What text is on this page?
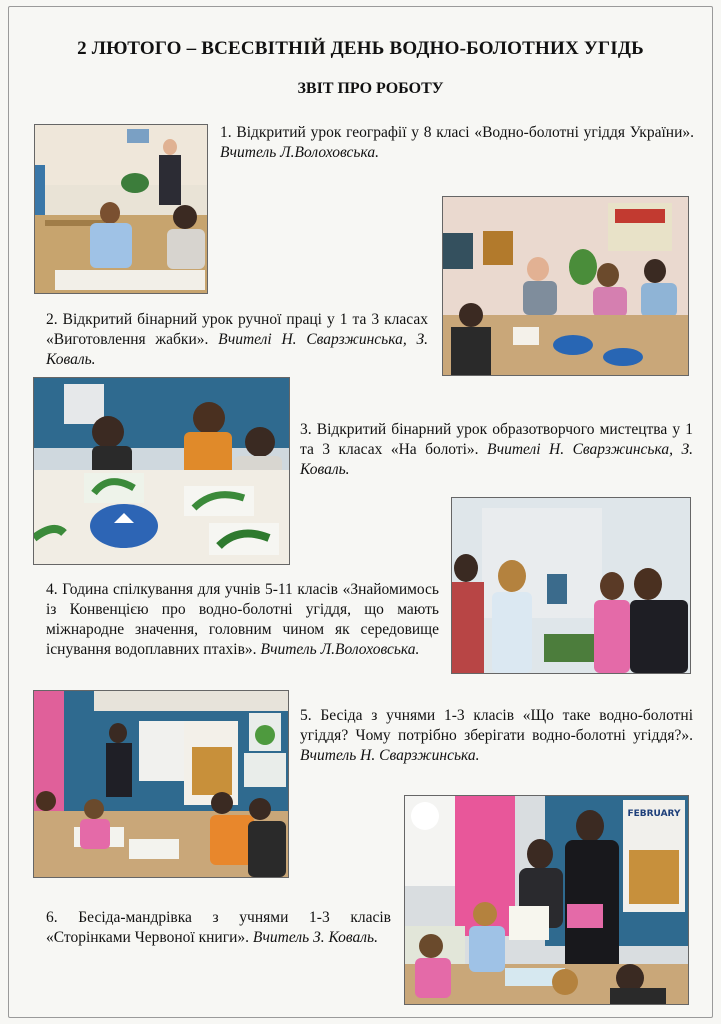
2 ЛЮТОГО – ВСЕСВІТНІЙ ДЕНЬ ВОДНО-БОЛОТНИХ УГІДЬ
ЗВІТ ПРО РОБОТУ
1. Відкритий урок географії у 8 класі «Водно-болотні угіддя України». Вчитель Л.Волоховська.
2. Відкритий бінарний урок ручної праці у 1 та 3 класах «Виготовлення жабки». Вчителі Н. Сварзжинська, З. Коваль.
3. Відкритий бінарний урок образотворчого мистецтва у 1 та 3 класах «На болоті». Вчителі Н. Сварзжинська, З. Коваль.
4. Година спілкування для учнів 5-11 класів «Знайомимось із Конвенцією про водно-болотні угіддя, що мають міжнародне значення, головним чином як середовище існування водоплавних птахів». Вчитель Л.Волоховська.
5. Бесіда з учнями 1-3 класів «Що таке водно-болотні угіддя? Чому потрібно зберігати водно-болотні угіддя?». Вчитель Н. Сварзжинська.
FEBRUARY
6. Бесіда-мандрівка з учнями 1-3 класів «Сторінками Червоної книги». Вчитель З. Коваль.
